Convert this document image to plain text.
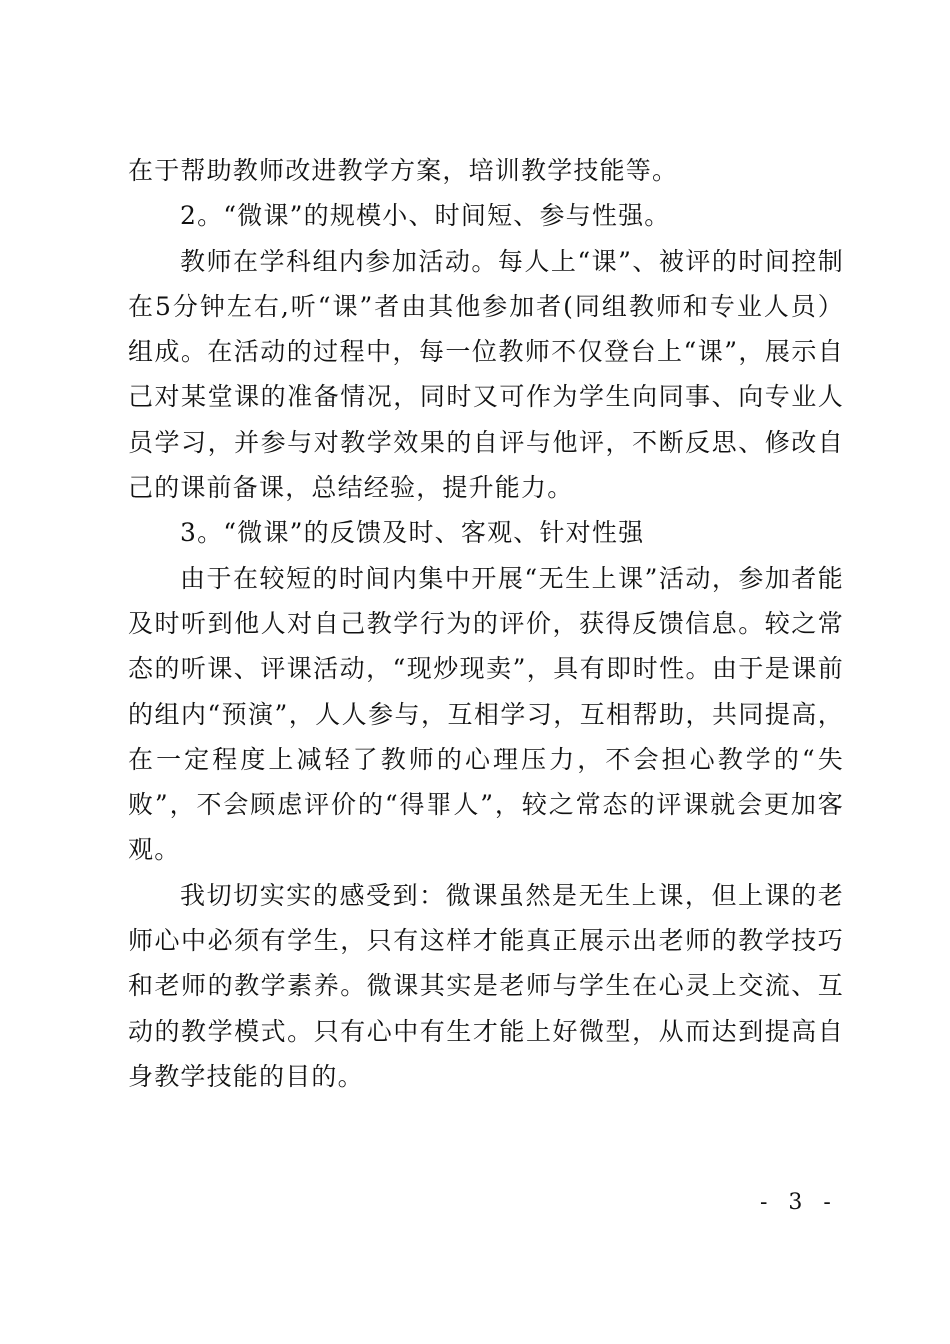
在于帮助教师改进教学方案，培训教学技能等。

2。“微课”的规模小、时间短、参与性强。

教师在学科组内参加活动。每人上“课”、被评的时间控制在5分钟左右,听“课”者由其他参加者(同组教师和专业人员）组成。在活动的过程中，每一位教师不仅登台上“课”，展示自己对某堂课的准备情况，同时又可作为学生向同事、向专业人员学习，并参与对教学效果的自评与他评，不断反思、修改自己的课前备课，总结经验，提升能力。

3。“微课”的反馈及时、客观、针对性强

由于在较短的时间内集中开展“无生上课”活动，参加者能及时听到他人对自己教学行为的评价，获得反馈信息。较之常态的听课、评课活动，“现炒现卖”，具有即时性。由于是课前的组内“预演”，人人参与，互相学习，互相帮助，共同提高，在一定程度上减轻了教师的心理压力，不会担心教学的“失败”，不会顾虑评价的“得罪人”，较之常态的评课就会更加客观。

我切切实实的感受到：微课虽然是无生上课，但上课的老师心中必须有学生，只有这样才能真正展示出老师的教学技巧和老师的教学素养。微课其实是老师与学生在心灵上交流、互动的教学模式。只有心中有生才能上好微型，从而达到提高自身教学技能的目的。

- 3 -
